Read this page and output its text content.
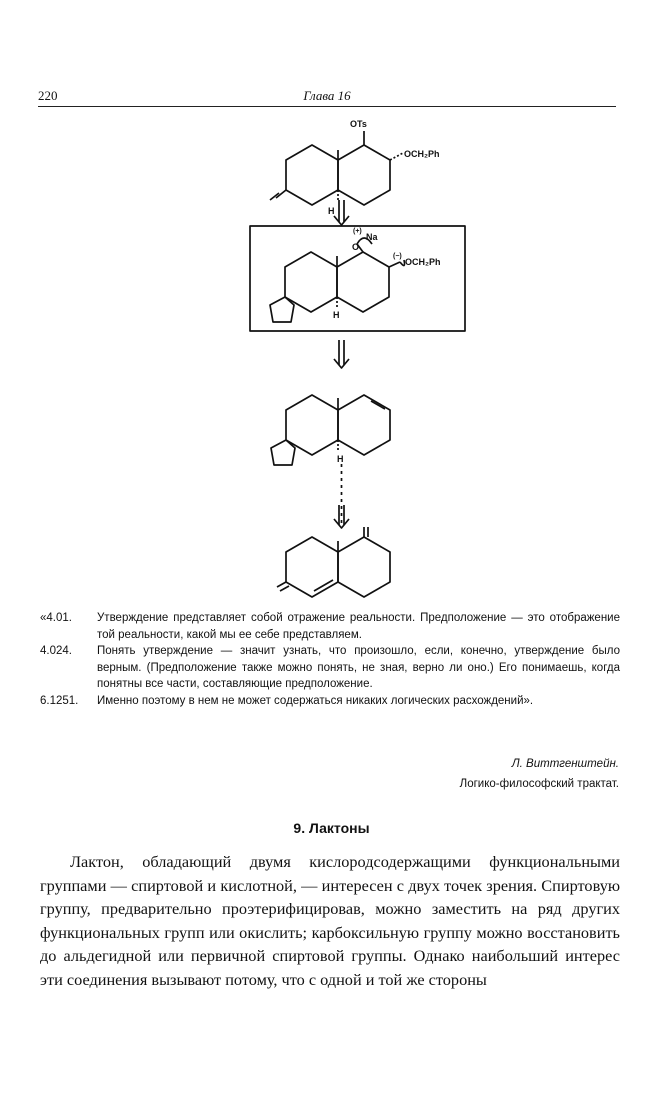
220	Глава 16
OTs
OCH₂Ph
H
(+)
Na
O
(−)
OCH₂Ph
H
H
«4.01.	Утверждение представляет собой отражение реальности. Предположение — это отображение той реальности, какой мы ее себе представляем.
4.024.	Понять утверждение — значит узнать, что произошло, если, конечно, утверждение было верным. (Предположение также можно понять, не зная, верно ли оно.) Его понимаешь, когда понятны все части, составляющие предположение.
6.1251.	Именно поэтому в нем не может содержаться никаких логических расхождений».
Л. Виттгенштейн.
Логико-философский трактат.
9. Лактоны
Лактон, обладающий двумя кислородсодержащими функциональными группами — спиртовой и кислотной, — интересен с двух точек зрения. Спиртовую группу, предварительно проэтерифицировав, можно заместить на ряд других функциональных групп или окислить; карбоксильную группу можно восстановить до альдегидной или первичной спиртовой группы. Однако наибольший интерес эти соединения вызывают потому, что с одной и той же стороны
